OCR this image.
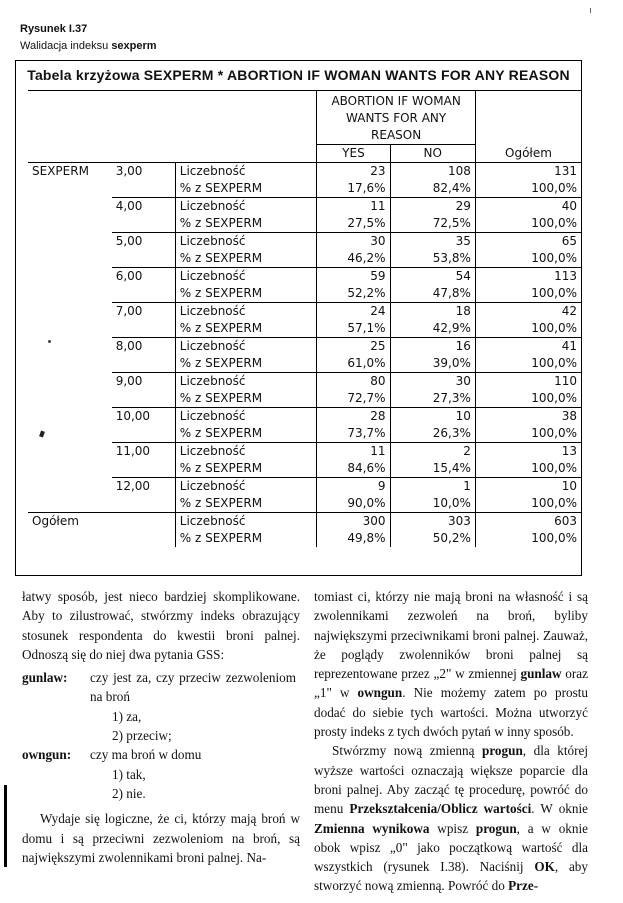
Rysunek I.37
Walidacja indeksu sexperm
Tabela krzyżowa SEXPERM * ABORTION IF WOMAN WANTS FOR ANY REASON
			ABORTION IF WOMAN WANTS FOR ANY REASON		Ogółem
			YES	NO	
SEXPERM	3,00	Liczebność	23	108	131
		% z SEXPERM	17,6%	82,4%	100,0%
	4,00	Liczebność	11	29	40
		% z SEXPERM	27,5%	72,5%	100,0%
	5,00	Liczebność	30	35	65
		% z SEXPERM	46,2%	53,8%	100,0%
	6,00	Liczebność	59	54	113
		% z SEXPERM	52,2%	47,8%	100,0%
	7,00	Liczebność	24	18	42
		% z SEXPERM	57,1%	42,9%	100,0%
	8,00	Liczebność	25	16	41
		% z SEXPERM	61,0%	39,0%	100,0%
	9,00	Liczebność	80	30	110
		% z SEXPERM	72,7%	27,3%	100,0%
	10,00	Liczebność	28	10	38
		% z SEXPERM	73,7%	26,3%	100,0%
	11,00	Liczebność	11	2	13
		% z SEXPERM	84,6%	15,4%	100,0%
	12,00	Liczebność	9	1	10
		% z SEXPERM	90,0%	10,0%	100,0%
Ogółem		Liczebność	300	303	603
		% z SEXPERM	49,8%	50,2%	100,0%

łatwy sposób, jest nieco bardziej skomplikowane. Aby to zilustrować, stwórzmy indeks obrazujący stosunek respondenta do kwestii broni palnej. Odnoszą się do niej dwa pytania GSS:

gunlaw: czy jest za, czy przeciw zezwoleniom na broń

1) za,

2) przeciw;

owngun: czy ma broń w domu

1) tak,

2) nie.

Wydaje się logiczne, że ci, którzy mają broń w domu i są przeciwni zezwoleniom na broń, są największymi zwolennikami broni palnej. Na-

tomiast ci, którzy nie mają broni na własność i są zwolennikami zezwoleń na broń, byliby największymi przeciwnikami broni palnej. Zauważ, że poglądy zwolenników broni palnej są reprezentowane przez „2" w zmiennej gunlaw oraz „1" w owngun. Nie możemy zatem po prostu dodać do siebie tych wartości. Można utworzyć prosty indeks z tych dwóch pytań w inny sposób.

Stwórzmy nową zmienną progun, dla której wyższe wartości oznaczają większe poparcie dla broni palnej. Aby zacząć tę procedurę, powróć do menu Przekształcenia/Oblicz wartości. W oknie Zmienna wynikowa wpisz progun, a w oknie obok wpisz „0" jako początkową wartość dla wszystkich (rysunek I.38). Naciśnij OK, aby stworzyć nową zmienną. Powróć do Prze-
